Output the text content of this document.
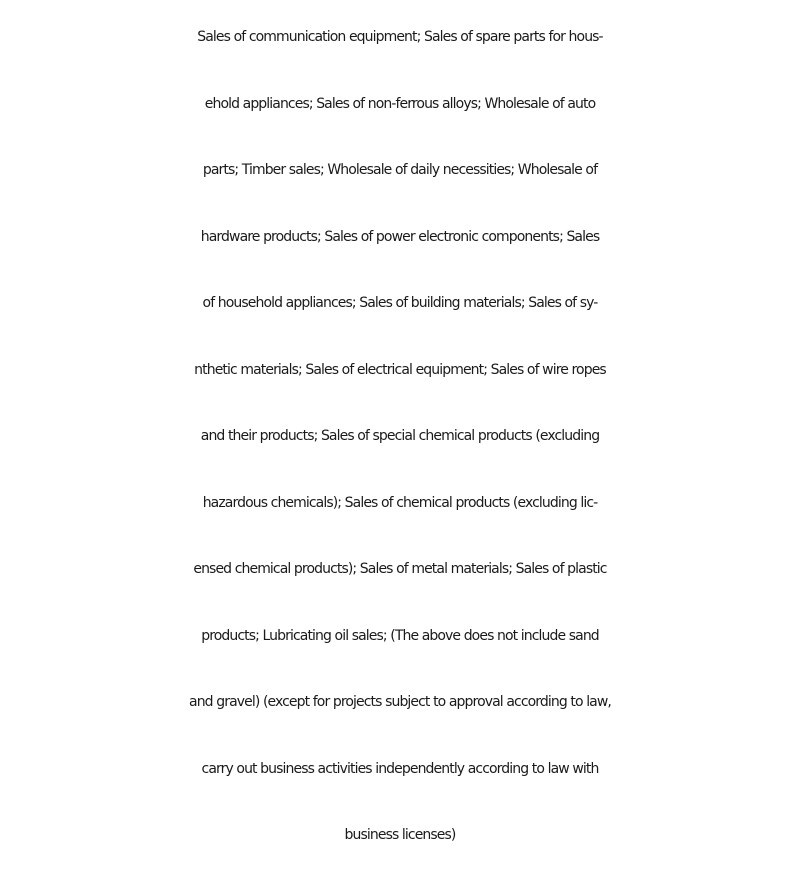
Sales of communication equipment; Sales of spare parts for hous-
ehold appliances; Sales of non-ferrous alloys; Wholesale of auto
parts; Timber sales; Wholesale of daily necessities; Wholesale of
hardware products; Sales of power electronic components; Sales
of household appliances; Sales of building materials; Sales of sy-
nthetic materials; Sales of electrical equipment; Sales of wire ropes
and their products; Sales of special chemical products (excluding
hazardous chemicals); Sales of chemical products (excluding lic-
ensed chemical products); Sales of metal materials; Sales of plastic
products; Lubricating oil sales; (The above does not include sand
and gravel) (except for projects subject to approval according to law,
carry out business activities independently according to law with
business licenses)
